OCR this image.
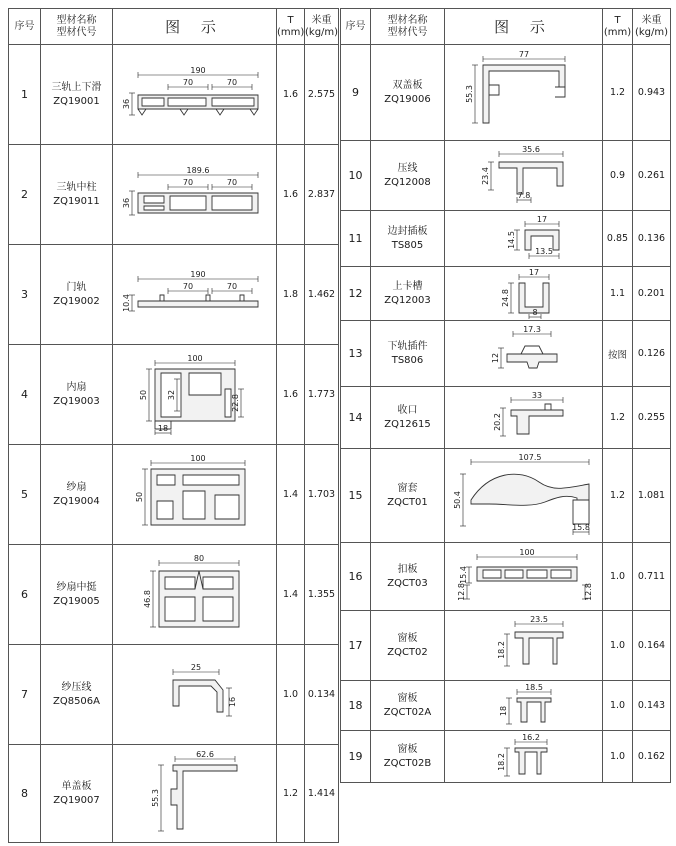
序号	型材名称
型材代号	图 示	T
(mm)	米重
(kg/m)
1	三轨上下滑
ZQ19001	190
70 70
36	1.6	2.575
2	三轨中柱
ZQ19011	189.6
70 70
36	1.6	2.837
3	门轨
ZQ19002	190
70 70
10.4	1.8	1.462
4	内扇
ZQ19003	100
50 32 22.8
18	1.6	1.773
5	纱扇
ZQ19004	100
50	1.4	1.703
6	纱扇中挺
ZQ19005	80
46.8	1.4	1.355
7	纱压线
ZQ8506A	25
16	1.0	0.134
8	单盖板
ZQ19007	62.6
55.3	1.2	1.414
序号	型材名称
型材代号	图 示	T
(mm)	米重
(kg/m)
9	双盖板
ZQ19006	77
55.3	1.2	0.943
10	压线
ZQ12008	35.6
23.4
7.8	0.9	0.261
11	边封插板
TS805	17
14.5
13.5	0.85	0.136
12	上卡槽
ZQ12003	17
24.8
8	1.1	0.201
13	下轨插件
TS806	17.3
12	按图	0.126
14	收口
ZQ12615	33
20.2	1.2	0.255
15	窗套
ZQCT01	107.5
50.4
15.8	1.2	1.081
16	扣板
ZQCT03	100
15.4
12.8 12.8	1.0	0.711
17	窗板
ZQCT02	23.5
18.2	1.0	0.164
18	窗板
ZQCT02A	18.5
18	1.0	0.143
19	窗板
ZQCT02B	16.2
18.2	1.0	0.162
